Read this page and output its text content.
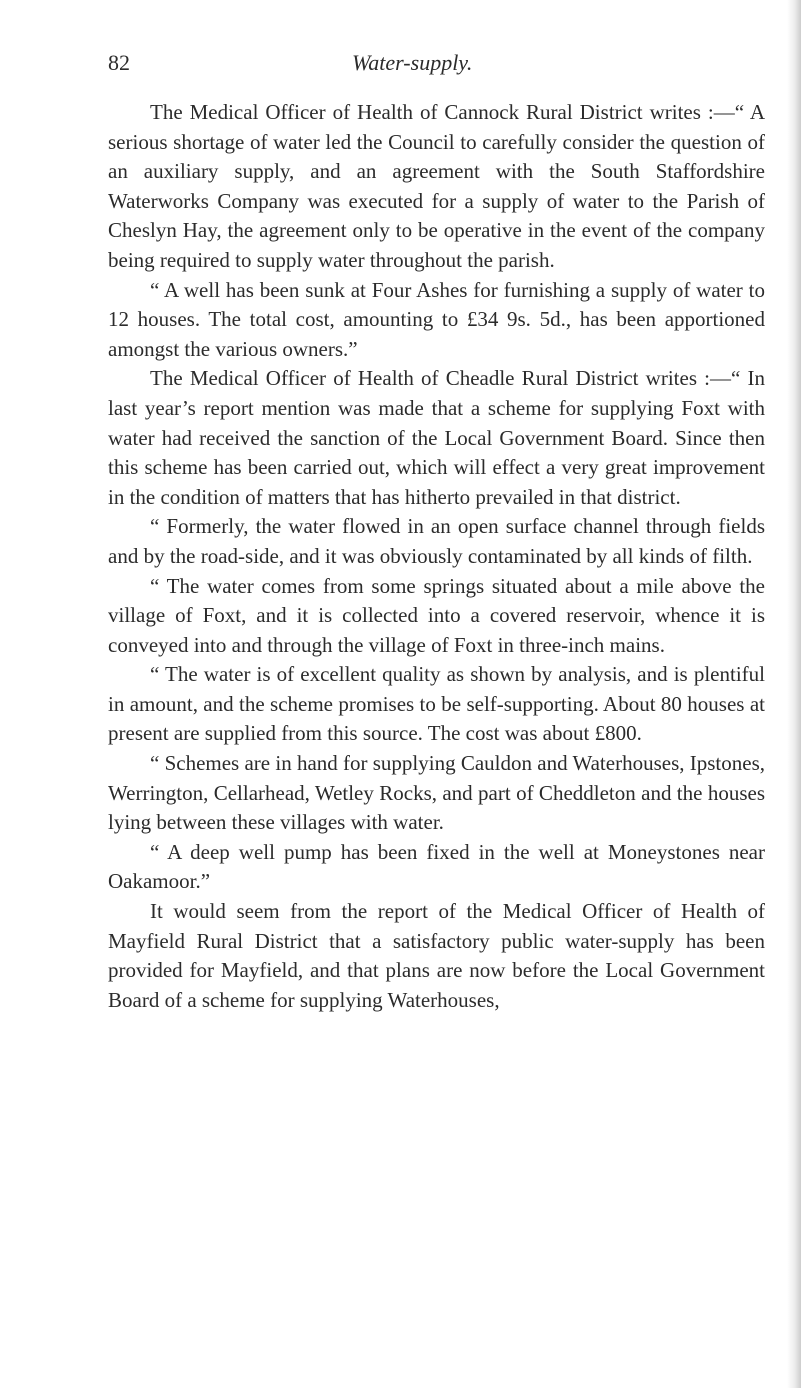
82	Water-supply.

The Medical Officer of Health of Cannock Rural District writes :—“ A serious shortage of water led the Council to carefully consider the question of an auxiliary supply, and an agreement with the South Staffordshire Waterworks Company was executed for a supply of water to the Parish of Cheslyn Hay, the agreement only to be operative in the event of the company being required to supply water throughout the parish.

“ A well has been sunk at Four Ashes for furnishing a supply of water to 12 houses. The total cost, amounting to £34 9s. 5d., has been apportioned amongst the various owners.”

The Medical Officer of Health of Cheadle Rural District writes :—“ In last year’s report mention was made that a scheme for supplying Foxt with water had received the sanction of the Local Government Board. Since then this scheme has been carried out, which will effect a very great improvement in the condition of matters that has hitherto prevailed in that district.

“ Formerly, the water flowed in an open surface channel through fields and by the road-side, and it was obviously contaminated by all kinds of filth.

“ The water comes from some springs situated about a mile above the village of Foxt, and it is collected into a covered reservoir, whence it is conveyed into and through the village of Foxt in three-inch mains.

“ The water is of excellent quality as shown by analysis, and is plentiful in amount, and the scheme promises to be self-supporting. About 80 houses at present are supplied from this source. The cost was about £800.

“ Schemes are in hand for supplying Cauldon and Waterhouses, Ipstones, Werrington, Cellarhead, Wetley Rocks, and part of Cheddleton and the houses lying between these villages with water.

“ A deep well pump has been fixed in the well at Moneystones near Oakamoor.”

It would seem from the report of the Medical Officer of Health of Mayfield Rural District that a satisfactory public water-supply has been provided for Mayfield, and that plans are now before the Local Government Board of a scheme for supplying Waterhouses,
